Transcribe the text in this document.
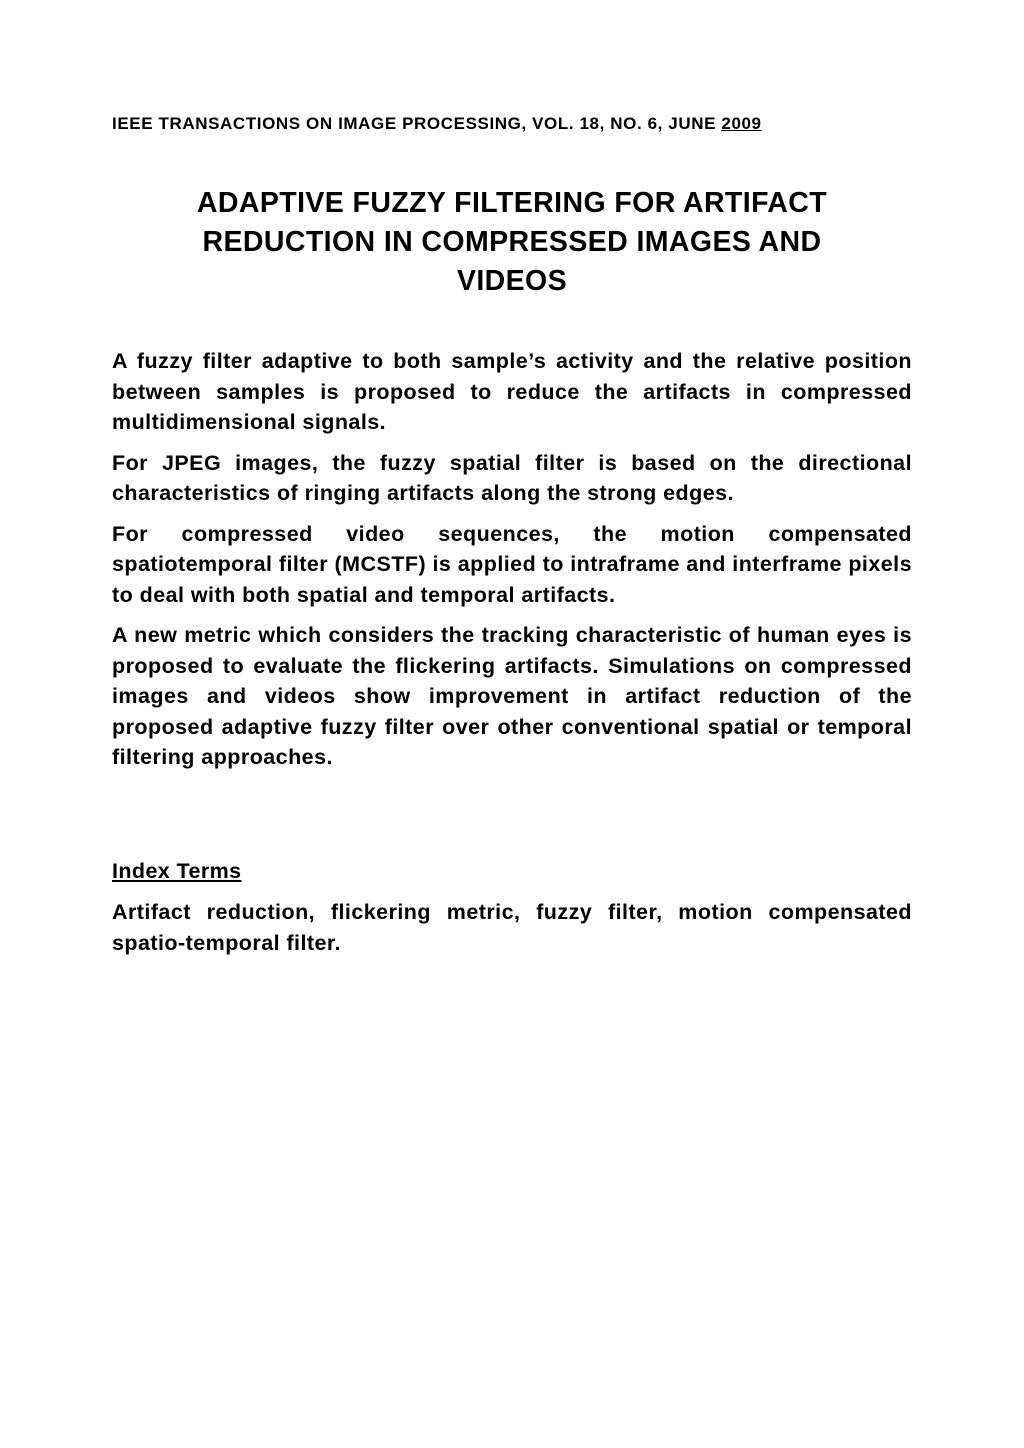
IEEE TRANSACTIONS ON IMAGE PROCESSING, VOL. 18, NO. 6, JUNE 2009
ADAPTIVE FUZZY FILTERING FOR ARTIFACT
REDUCTION IN COMPRESSED IMAGES AND
VIDEOS

A fuzzy filter adaptive to both sample’s activity and the relative position between samples is proposed to reduce the artifacts in compressed multidimensional signals.

For JPEG images, the fuzzy spatial filter is based on the directional characteristics of ringing artifacts along the strong edges.

For compressed video sequences, the motion compensated spatiotemporal filter (MCSTF) is applied to intraframe and interframe pixels to deal with both spatial and temporal artifacts.

A new metric which considers the tracking characteristic of human eyes is proposed to evaluate the flickering artifacts. Simulations on compressed images and videos show improvement in artifact reduction of the proposed adaptive fuzzy filter over other conventional spatial or temporal filtering approaches.

Index Terms

Artifact reduction, flickering metric, fuzzy filter, motion compensated spatio-temporal filter.
